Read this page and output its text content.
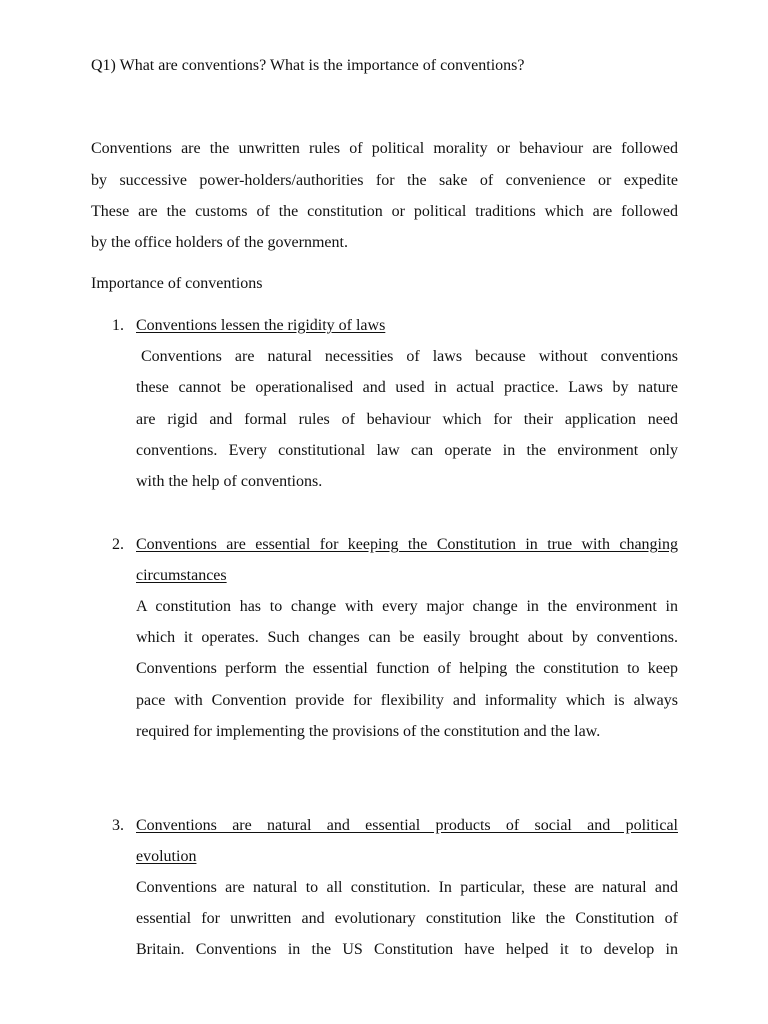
Q1) What are conventions? What is the importance of conventions?
Conventions are the unwritten rules of political morality or behaviour are followed
by successive power-holders/authorities for the sake of convenience or expedite
These are the customs of the constitution or political traditions which are followed
by the office holders of the government.
Importance of conventions
1. Conventions lessen the rigidity of laws
Conventions are natural necessities of laws because without conventions
these cannot be operationalised and used in actual practice. Laws by nature
are rigid and formal rules of behaviour which for their application need
conventions. Every constitutional law can operate in the environment only
with the help of conventions.
2. Conventions are essential for keeping the Constitution in true with changing
circumstances
A constitution has to change with every major change in the environment in
which it operates. Such changes can be easily brought about by conventions.
Conventions perform the essential function of helping the constitution to keep
pace with Convention provide for flexibility and informality which is always
required for implementing the provisions of the constitution and the law.
3. Conventions are natural and essential products of social and political
evolution
Conventions are natural to all constitution. In particular, these are natural and
essential for unwritten and evolutionary constitution like the Constitution of
Britain. Conventions in the US Constitution have helped it to develop in
